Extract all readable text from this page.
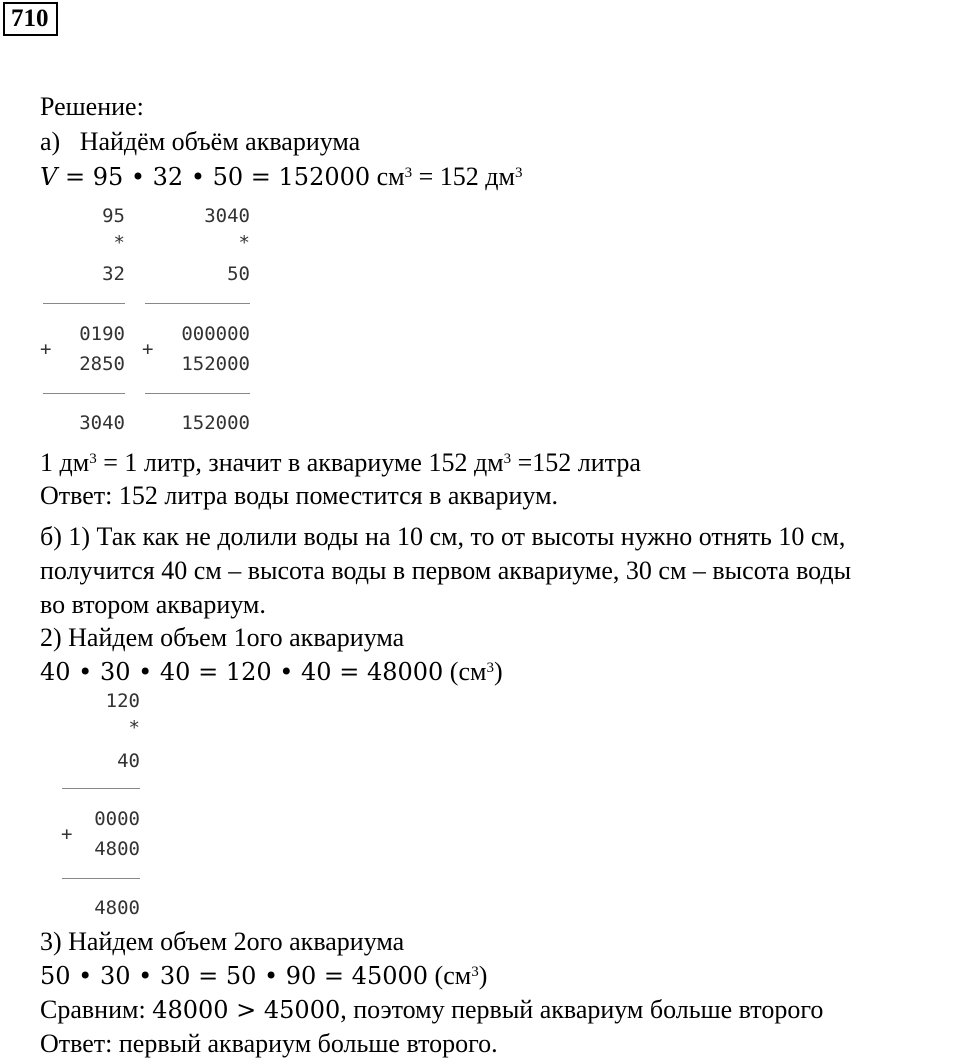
710
Решение:
а) Найдём объём аквариума
V = 95 • 32 • 50 = 152000 $см^3 = 152$ $дм^3$
95
*
32
0190
+
2850
3040
3040
*
50
000000
+
152000
152000
1 $дм^3 = 1$ литр, значит в аквариуме 152 $дм^3 =152$ литра
Ответ: 152 литра воды поместится в аквариум.
б) 1) Так как не долили воды на 10 см, то от высоты нужно отнять 10 см,
получится 40 см – высота воды в первом аквариуме, 30 см – высота воды
во втором аквариум.
2) Найдем объем 1ого аквариума
40 • 30 • 40 = 120 • 40 = 48000 $(см^3)$
120
*
40
0000
+
4800
4800
3) Найдем объем 2ого аквариума
50 • 30 • 30 = 50 • 90 = 45000 $(см^3)$
Сравним: 48000 > 45000, поэтому первый аквариум больше второго
Ответ: первый аквариум больше второго.
